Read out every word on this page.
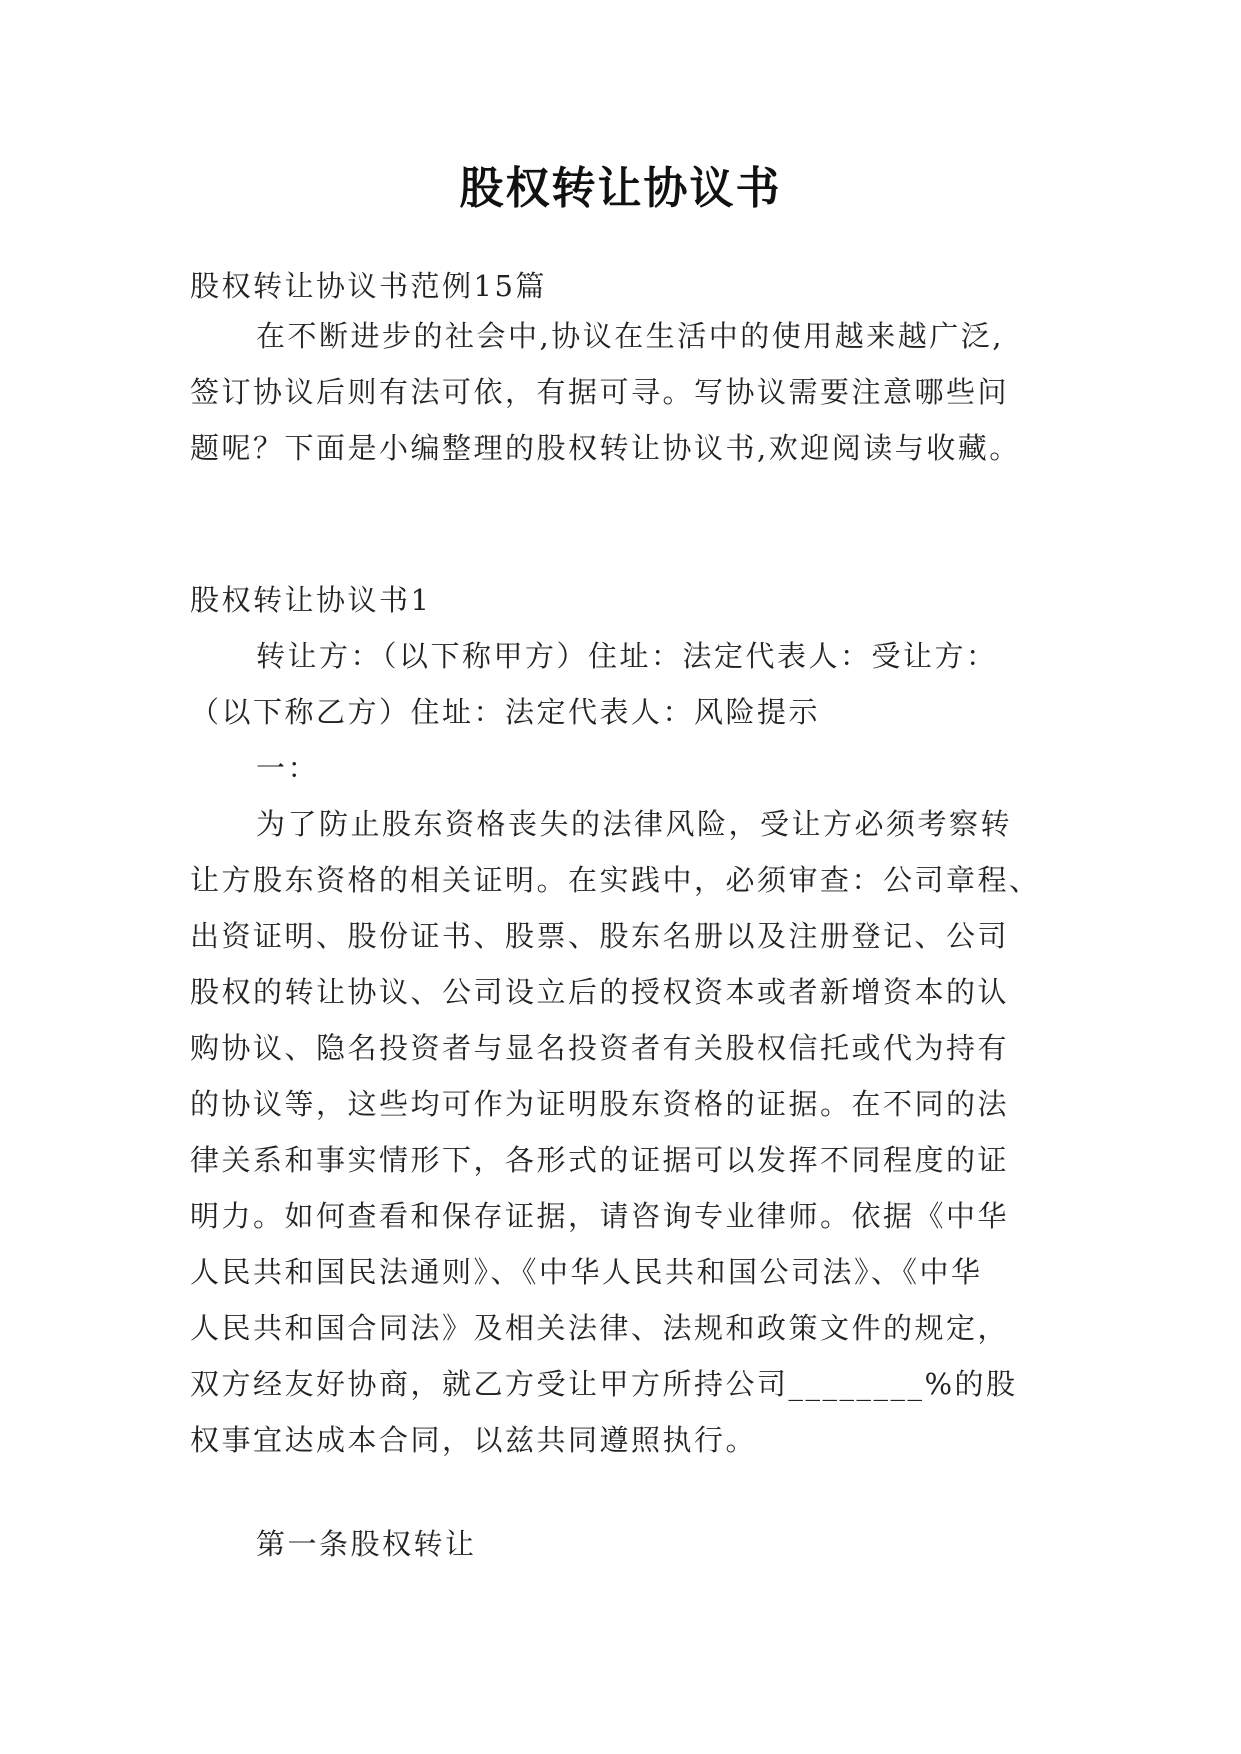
股权转让协议书
股权转让协议书范例15篇
在不断进步的社会中,协议在生活中的使用越来越广泛,
签订协议后则有法可依，有据可寻。写协议需要注意哪些问
题呢？下面是小编整理的股权转让协议书,欢迎阅读与收藏。
股权转让协议书1
转让方：（以下称甲方）住址：法定代表人：受让方：
（以下称乙方）住址：法定代表人：风险提示
一：
为了防止股东资格丧失的法律风险，受让方必须考察转
让方股东资格的相关证明。在实践中，必须审查：公司章程、
出资证明、股份证书、股票、股东名册以及注册登记、公司
股权的转让协议、公司设立后的授权资本或者新增资本的认
购协议、隐名投资者与显名投资者有关股权信托或代为持有
的协议等，这些均可作为证明股东资格的证据。在不同的法
律关系和事实情形下，各形式的证据可以发挥不同程度的证
明力。如何查看和保存证据，请咨询专业律师。依据《中华
人民共和国民法通则》、《中华人民共和国公司法》、《中华
人民共和国合同法》及相关法律、法规和政策文件的规定，
双方经友好协商，就乙方受让甲方所持公司________%的股
权事宜达成本合同，以兹共同遵照执行。
第一条股权转让
